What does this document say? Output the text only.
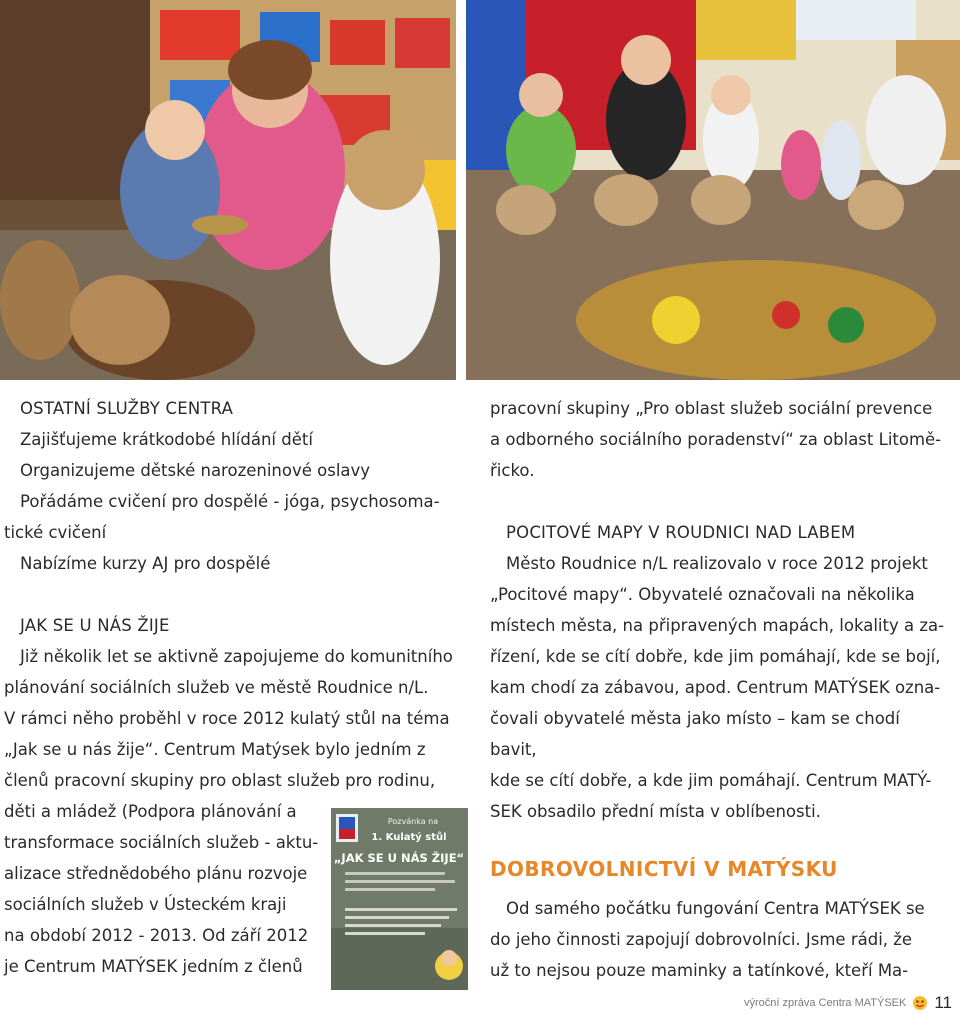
OSTATNÍ SLUŽBY CENTRA

Zajišťujeme krátkodobé hlídání dětí

Organizujeme dětské narozeninové oslavy

Pořádáme cvičení pro dospělé - jóga, psychosoma-

tické cvičení

Nabízíme kurzy AJ pro dospělé

JAK SE U NÁS ŽIJE

Již několik let se aktivně zapojujeme do komunitního

plánování sociálních služeb ve městě Roudnice n/L.

V rámci něho proběhl v roce 2012 kulatý stůl na téma

„Jak se u nás žije“. Centrum Matýsek bylo jedním z

členů pracovní skupiny pro oblast služeb pro rodinu,

děti a mládež (Podpora plánování a

transformace sociálních služeb - aktu-

alizace střednědobého plánu rozvoje

sociálních služeb v Ústeckém kraji

na období 2012 - 2013. Od září 2012

je Centrum MATÝSEK jedním z členů

Pozvánka na
1. Kulatý stůl
„JAK SE U NÁS ŽIJE“

pracovní skupiny „Pro oblast služeb sociální prevence

a odborného sociálního poradenství“ za oblast Litomě-

řicko.

POCITOVÉ MAPY V ROUDNICI NAD LABEM

Město Roudnice n/L realizovalo v roce 2012 projekt

„Pocitové mapy“. Obyvatelé označovali na několika

místech města, na připravených mapách, lokality a za-

řízení, kde se cítí dobře, kde jim pomáhají, kde se bojí,

kam chodí za zábavou, apod. Centrum MATÝSEK ozna-

čovali obyvatelé města jako místo – kam se chodí bavit,

kde se cítí dobře, a kde jim pomáhají. Centrum MATÝ-

SEK obsadilo přední místa v oblíbenosti.

DOBROVOLNICTVÍ V MATÝSKU

Od samého počátku fungování Centra MATÝSEK se

do jeho činnosti zapojují dobrovolníci. Jsme rádi, že

už to nejsou pouze maminky a tatínkové, kteří Ma-

výroční zpráva Centra MATÝSEK 11
